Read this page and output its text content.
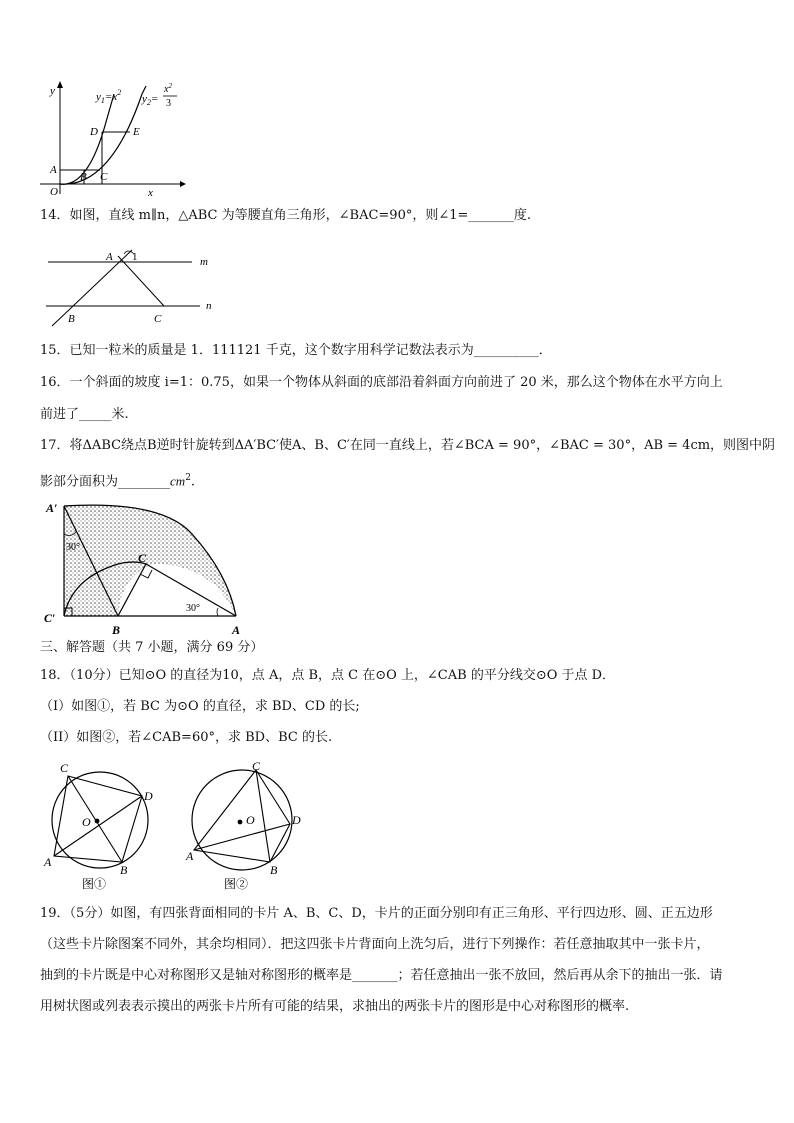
y
x
O
A
B C
D	E
$y_1=x^2$
$y_2=$
$x^2$
3
14．如图，直线 m∥n，△ABC 为等腰直角三角形，∠BAC=90°，则∠1=_______度.
A 1	m
n
B	C
15．已知一粒米的质量是 1．111121 千克，这个数字用科学记数法表示为__________．
16．一个斜面的坡度 i=1：0.75，如果一个物体从斜面的底部沿着斜面方向前进了 20 米，那么这个物体在水平方向上
前进了_____米.
17．将ΔABC绕点B逆时针旋转到ΔA′BC′使A、B、C′在同一直线上，若∠BCA = 90°，∠BAC = 30°，AB = 4cm，则图中阴
影部分面积为$\_\_\_\_\_\_\_\_cm^2$.
A′
30°
C
30°
C′
B	A
三、解答题（共 7 小题，满分 69 分）
18．（10分）已知⊙O 的直径为10，点 A，点 B，点 C 在⊙O 上，∠CAB 的平分线交⊙O 于点 D．
（I）如图①，若 BC 为⊙O 的直径，求 BD、CD 的长;
（II）如图②，若∠CAB=60°，求 BD、BC 的长.
C
D
O
A
B
图①
C
D
O
A
B
图②
19．（5分）如图，有四张背面相同的卡片 A、B、C、D，卡片的正面分别印有正三角形、平行四边形、圆、正五边形
（这些卡片除图案不同外，其余均相同）．把这四张卡片背面向上洗匀后，进行下列操作：若任意抽取其中一张卡片，
抽到的卡片既是中心对称图形又是轴对称图形的概率是_______；若任意抽出一张不放回，然后再从余下的抽出一张．请
用树状图或列表表示摸出的两张卡片所有可能的结果，求抽出的两张卡片的图形是中心对称图形的概率.
